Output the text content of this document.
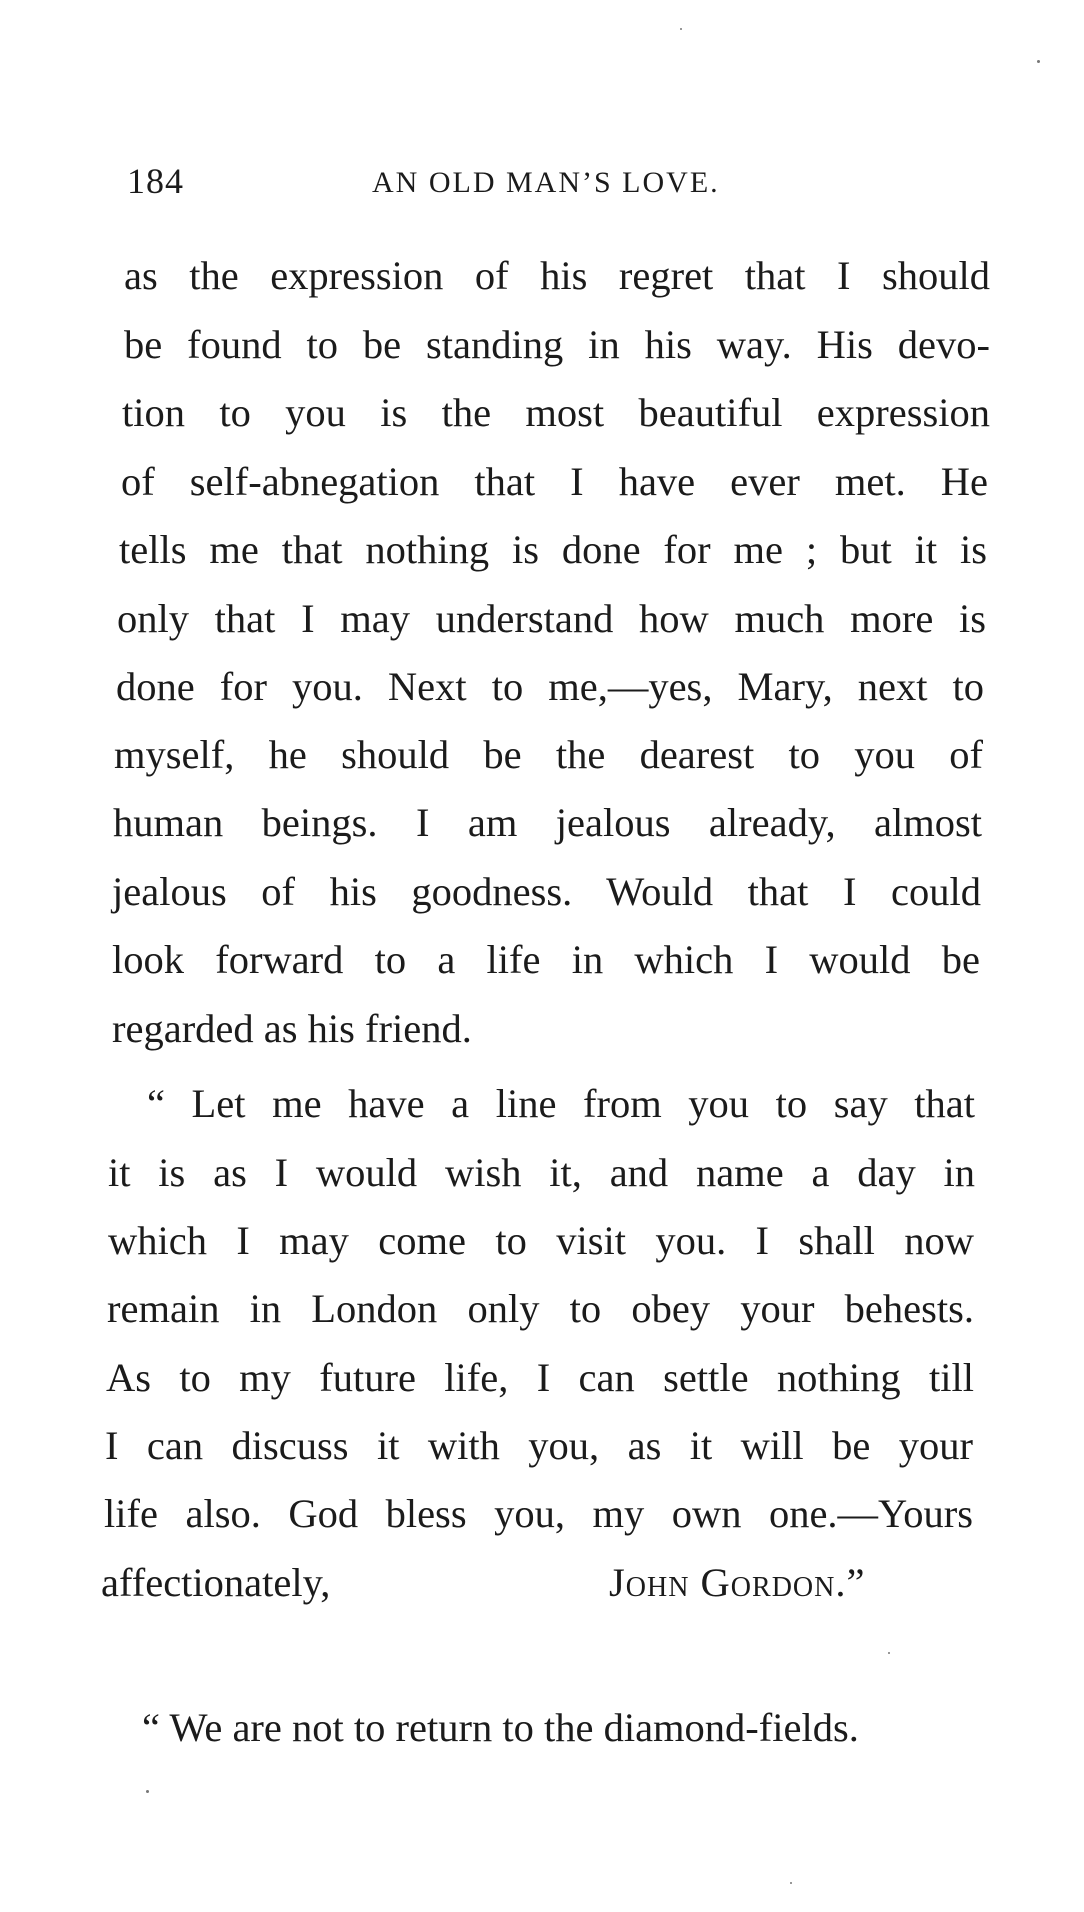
184	AN OLD MAN’S LOVE.
as the expression of his regret that I should
be found to be standing in his way. His devo-
tion to you is the most beautiful expression
of self-abnegation that I have ever met. He
tells me that nothing is done for me ; but it is
only that I may understand how much more is
done for you. Next to me,—yes, Mary, next to
myself, he should be the dearest to you of
human beings. I am jealous already, almost
jealous of his goodness. Would that I could
look forward to a life in which I would be
regarded as his friend.
“ Let me have a line from you to say that
it is as I would wish it, and name a day in
which I may come to visit you. I shall now
remain in London only to obey your behests.
As to my future life, I can settle nothing till
I can discuss it with you, as it will be your
life also. God bless you, my own one.—Yours
affectionately,	John Gordon.”
“ We are not to return to the diamond-fields.
